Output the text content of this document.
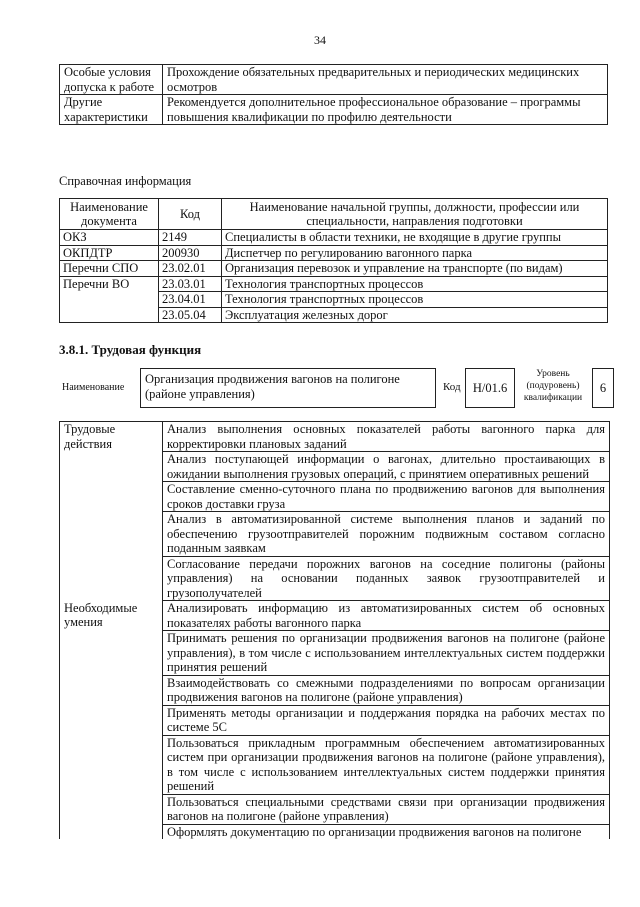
34
Особые условия допуска к работе	Прохождение обязательных предварительных и периодических медицинских осмотров
Другие характеристики	Рекомендуется дополнительное профессиональное образование – программы повышения квалификации по профилю деятельности
Справочная информация
Наименование документа	Код	Наименование начальной группы, должности, профессии или специальности, направления подготовки
ОКЗ	2149	Специалисты в области техники, не входящие в другие группы
ОКПДТР	200930	Диспетчер по регулированию вагонного парка
Перечни СПО	23.02.01	Организация перевозок и управление на транспорте (по видам)
Перечни ВО	23.03.01	Технология транспортных процессов
	23.04.01	Технология транспортных процессов
	23.05.04	Эксплуатация железных дорог
3.8.1. Трудовая функция
Наименование
Организация продвижения вагонов на полигоне (районе управления)	Код H/01.6
Уровень (подуровень) квалификации
6
Трудовые действия	Анализ выполнения основных показателей работы вагонного парка для корректировки плановых заданий
	Анализ поступающей информации о вагонах, длительно простаивающих в ожидании выполнения грузовых операций, с принятием оперативных решений
	Составление сменно-суточного плана по продвижению вагонов для выполнения сроков доставки груза
	Анализ в автоматизированной системе выполнения планов и заданий по обеспечению грузоотправителей порожним подвижным составом согласно поданным заявкам
	Согласование передачи порожних вагонов на соседние полигоны (районы управления) на основании поданных заявок грузоотправителей и грузополучателей
Необходимые умения	Анализировать информацию из автоматизированных систем об основных показателях работы вагонного парка
	Принимать решения по организации продвижения вагонов на полигоне (районе управления), в том числе с использованием интеллектуальных систем поддержки принятия решений
	Взаимодействовать со смежными подразделениями по вопросам организации продвижения вагонов на полигоне (районе управления)
	Применять методы организации и поддержания порядка на рабочих местах по системе 5С
	Пользоваться прикладным программным обеспечением автоматизированных систем при организации продвижения вагонов на полигоне (районе управления), в том числе с использованием интеллектуальных систем поддержки принятия решений
	Пользоваться специальными средствами связи при организации продвижения вагонов на полигоне (районе управления)
	Оформлять документацию по организации продвижения вагонов на полигоне
